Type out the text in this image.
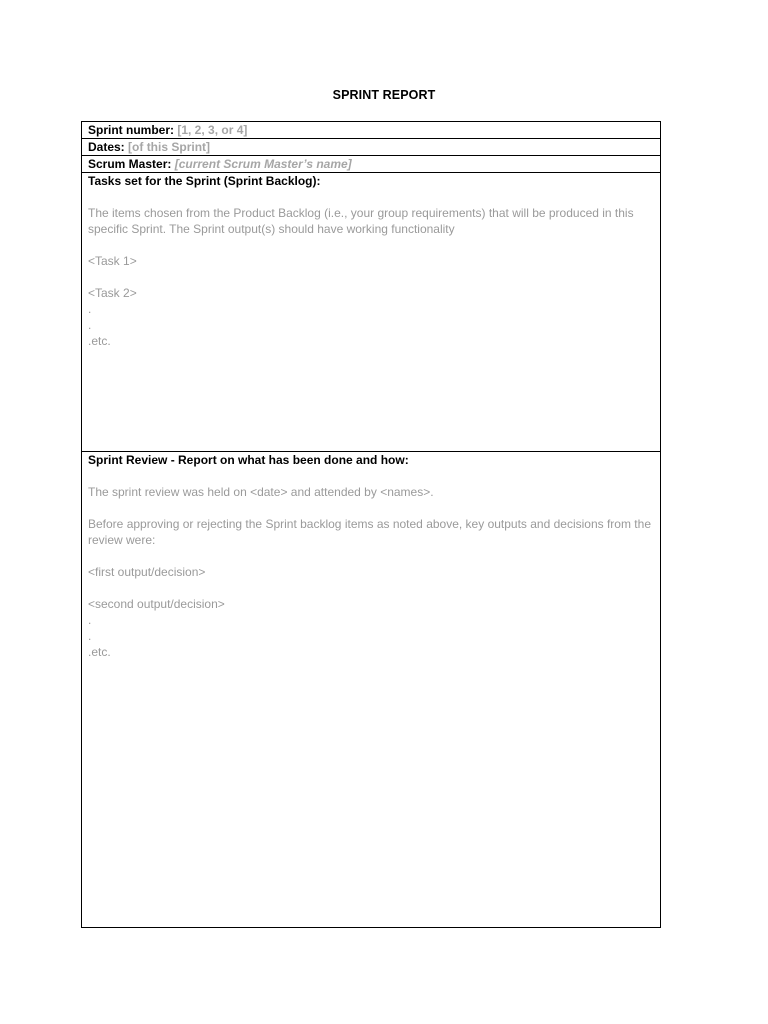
SPRINT REPORT
Sprint number: [1, 2, 3, or 4]
Dates: [of this Sprint]
Scrum Master: [current Scrum Master’s name]
Tasks set for the Sprint (Sprint Backlog):
The items chosen from the Product Backlog (i.e., your group requirements) that will be produced in this specific Sprint. The Sprint output(s) should have working functionality
<Task 1>
<Task 2>
.
.
.etc.
Sprint Review - Report on what has been done and how:
The sprint review was held on <date> and attended by <names>.
Before approving or rejecting the Sprint backlog items as noted above, key outputs and decisions from the review were:
<first output/decision>
<second output/decision>
.
.
.etc.
